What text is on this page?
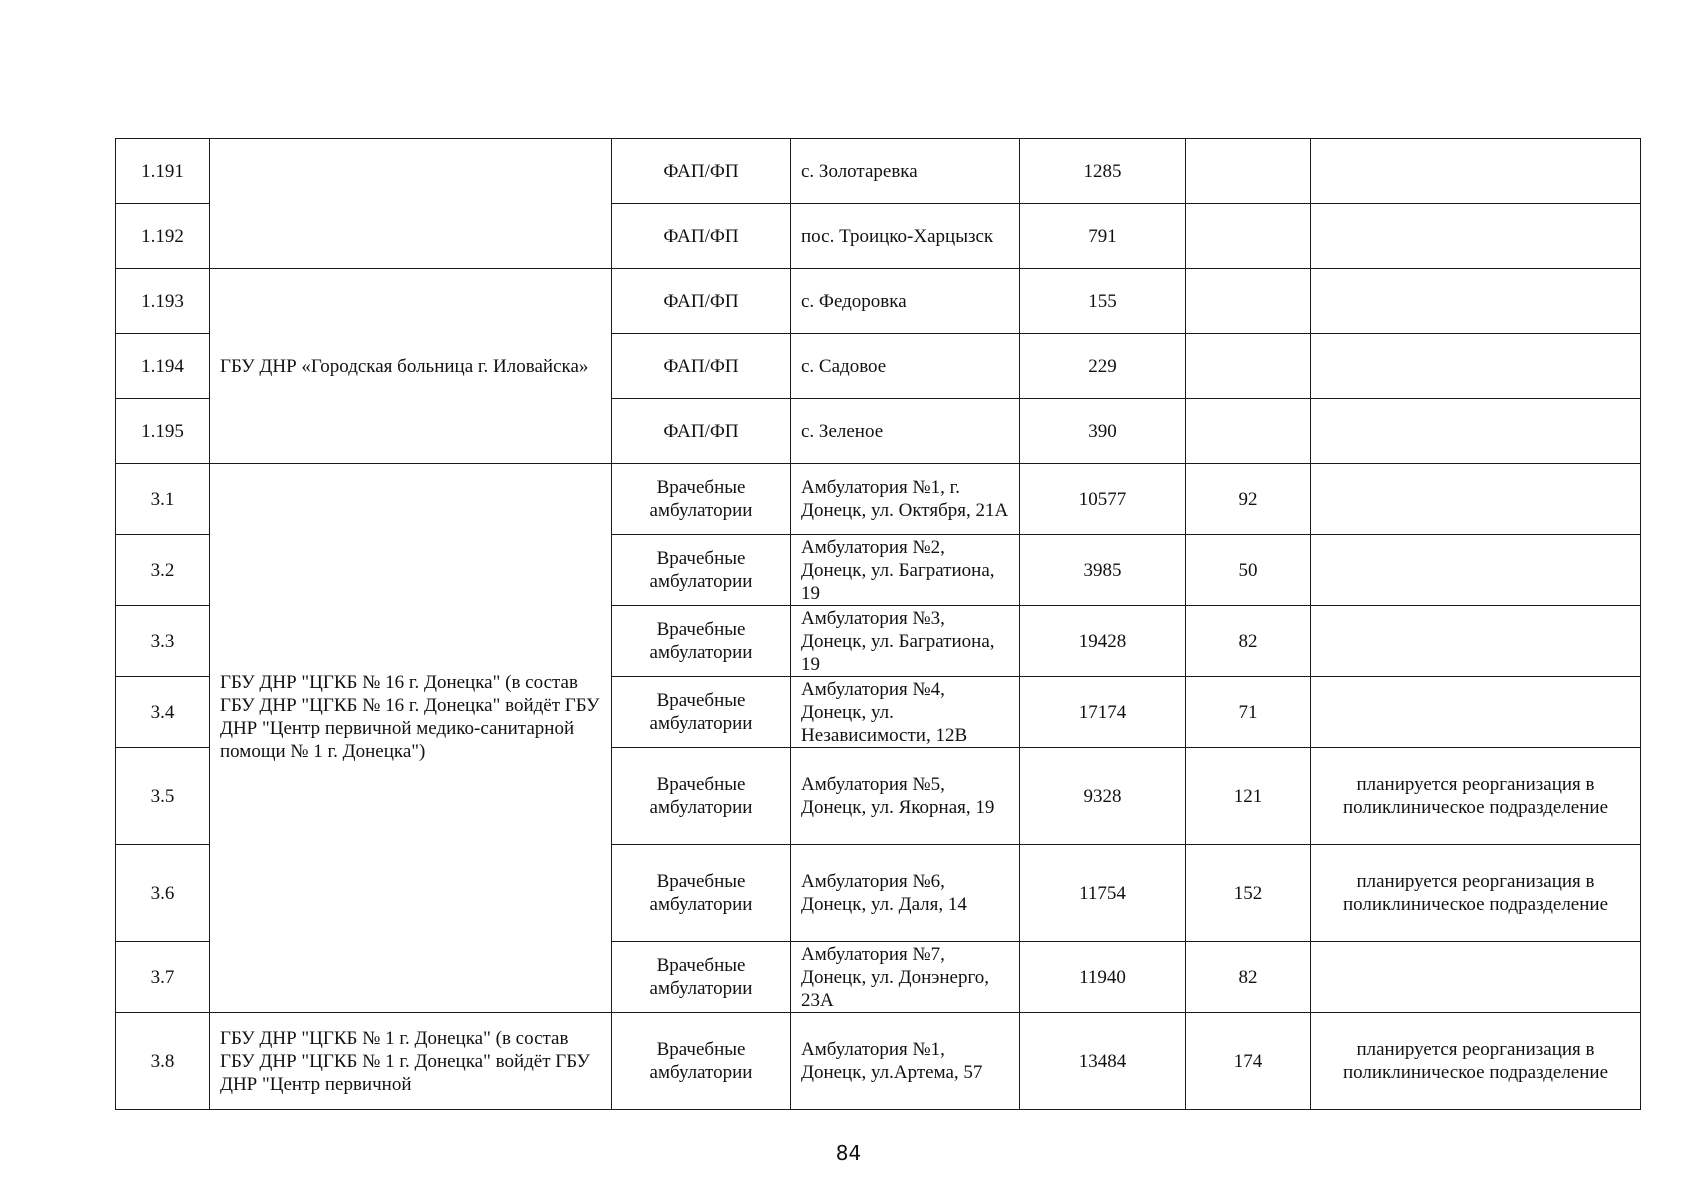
1.191		ФАП/ФП	с. Золотаревка	1285		
1.192		ФАП/ФП	пос. Троицко-Харцызск	791		
1.193	ГБУ ДНР «Городская больница г. Иловайска»	ФАП/ФП	с. Федоровка	155		
1.194		ФАП/ФП	с. Садовое	229		
1.195		ФАП/ФП	с. Зеленое	390		
3.1	ГБУ ДНР "ЦГКБ № 16 г. Донецка" (в состав ГБУ ДНР "ЦГКБ № 16 г. Донецка" войдёт ГБУ ДНР "Центр первичной медико-санитарной помощи № 1 г. Донецка")	Врачебные амбулатории	Амбулатория №1, г. Донецк, ул. Октября, 21А	10577	92	
3.2		Врачебные амбулатории	Амбулатория №2, Донецк, ул. Багратиона, 19	3985	50	
3.3		Врачебные амбулатории	Амбулатория №3, Донецк, ул. Багратиона, 19	19428	82	
3.4		Врачебные амбулатории	Амбулатория №4, Донецк, ул. Независимости, 12В	17174	71	
3.5		Врачебные амбулатории	Амбулатория №5, Донецк, ул. Якорная, 19	9328	121	планируется реорганизация в поликлиническое подразделение
3.6		Врачебные амбулатории	Амбулатория №6, Донецк, ул. Даля, 14	11754	152	планируется реорганизация в поликлиническое подразделение
3.7		Врачебные амбулатории	Амбулатория №7, Донецк, ул. Донэнерго, 23А	11940	82	
3.8	ГБУ ДНР "ЦГКБ № 1 г. Донецка" (в состав ГБУ ДНР "ЦГКБ № 1 г. Донецка" войдёт ГБУ ДНР "Центр первичной	Врачебные амбулатории	Амбулатория №1, Донецк, ул.Артема, 57	13484	174	планируется реорганизация в поликлиническое подразделение
84
